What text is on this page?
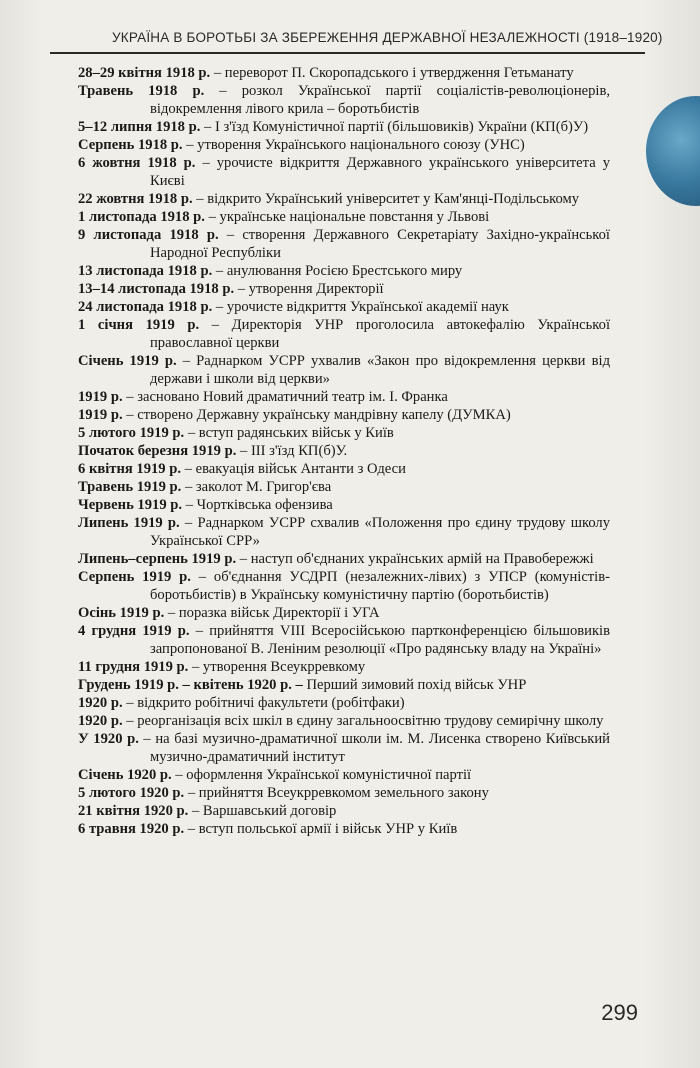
УКРАЇНА В БОРОТЬБІ ЗА ЗБЕРЕЖЕННЯ ДЕРЖАВНОЇ НЕЗАЛЕЖНОСТІ (1918–1920)
28–29 квітня 1918 р. – переворот П. Скоропадського і утвердження Гетьманату
Травень 1918 р. – розкол Української партії соціалістів-революціонерів, відокремлення лівого крила – боротьбистів
5–12 липня 1918 р. – І з'їзд Комуністичної партії (більшовиків) України (КП(б)У)
Серпень 1918 р. – утворення Українського національного союзу (УНС)
6 жовтня 1918 р. – урочисте відкриття Державного українського університета у Києві
22 жовтня 1918 р. – відкрито Український університет у Кам'янці-Подільському
1 листопада 1918 р. – українське національне повстання у Львові
9 листопада 1918 р. – створення Державного Секретаріату Західно-української Народної Республіки
13 листопада 1918 р. – анулювання Росією Брестського миру
13–14 листопада 1918 р. – утворення Директорії
24 листопада 1918 р. – урочисте відкриття Української академії наук
1 січня 1919 р. – Директорія УНР проголосила автокефалію Української православної церкви
Січень 1919 р. – Раднарком УСРР ухвалив «Закон про відокремлення церкви від держави і школи від церкви»
1919 р. – засновано Новий драматичний театр ім. І. Франка
1919 р. – створено Державну українську мандрівну капелу (ДУМКА)
5 лютого 1919 р. – вступ радянських військ у Київ
Початок березня 1919 р. – III з'їзд КП(б)У.
6 квітня 1919 р. – евакуація військ Антанти з Одеси
Травень 1919 р. – заколот М. Григор'єва
Червень 1919 р. – Чортківська офензива
Липень 1919 р. – Раднарком УСРР схвалив «Положення про єдину трудову школу Української СРР»
Липень–серпень 1919 р. – наступ об'єднаних українських армій на Правобережжі
Серпень 1919 р. – об'єднання УСДРП (незалежних-лівих) з УПСР (комуністів-боротьбистів) в Українську комуністичну партію (боротьбистів)
Осінь 1919 р. – поразка військ Директорії і УГА
4 грудня 1919 р. – прийняття VIII Всеросійською партконференцією більшовиків запропонованої В. Леніним резолюції «Про радянську владу на Україні»
11 грудня 1919 р. – утворення Всеукрревкому
Грудень 1919 р. – квітень 1920 р. – Перший зимовий похід військ УНР
1920 р. – відкрито робітничі факультети (робітфаки)
1920 р. – реорганізація всіх шкіл в єдину загальноосвітню трудову семирічну школу
У 1920 р. – на базі музично-драматичної школи ім. М. Лисенка створено Київський музично-драматичний інститут
Січень 1920 р. – оформлення Української комуністичної партії
5 лютого 1920 р. – прийняття Всеукрревкомом земельного закону
21 квітня 1920 р. – Варшавський договір
6 травня 1920 р. – вступ польської армії і військ УНР у Київ
299
